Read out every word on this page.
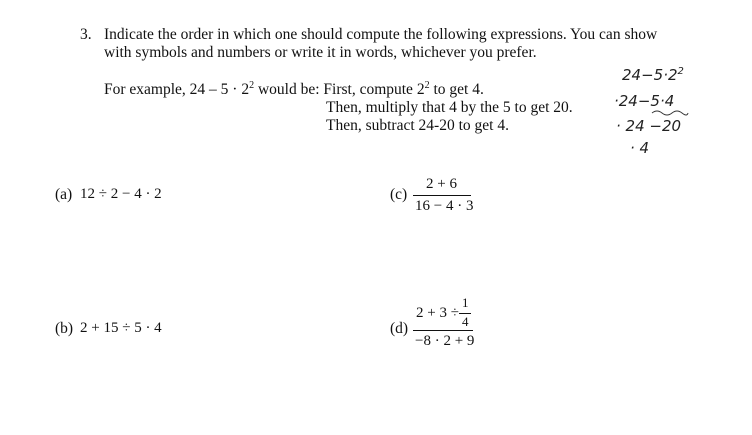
3. Indicate the order in which one should compute the following expressions. You can show
with symbols and numbers or write it in words, whichever you prefer.
For example, $24 - 5 \cdot 2^2$ would be: First, compute $2^2$ to get 4.
Then, multiply that 4 by the 5 to get 20.
Then, subtract 24-20 to get 4.
$24-5\cdot 2^2$
·24−5·4
· 24 −20
· 4
(a) 12 ÷ 2 − 4 · 2	(c)
2 + 6
16 − 4 · 3
(b) 2 + 15 ÷ 5 · 4	(d)
2 + 3 ÷
1
4
−8 · 2 + 9
